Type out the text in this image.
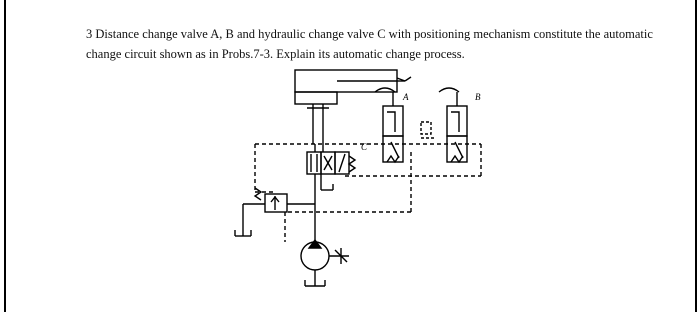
3 Distance change valve A, B and hydraulic change valve C with positioning mechanism constitute the automatic
change circuit shown as in Probs.7-3. Explain its automatic change process.
C
A	B
